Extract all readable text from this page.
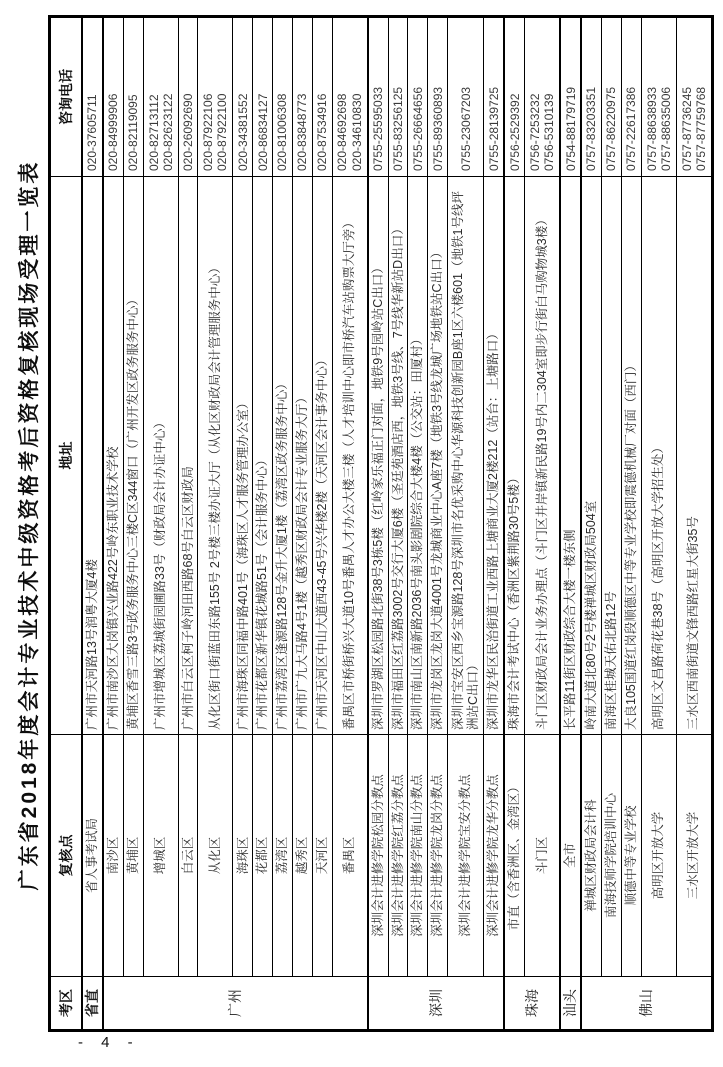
广东省2018年度会计专业技术中级资格考后资格复核现场受理一览表
考区	复核点	地址	咨询电话
省直	省人事考试局	广州市天河路13号润粤大厦4楼	020-37605711

广州	南沙区	广州市南沙区大岗镇兴业路422号岭东职业技术学校	020-84999906

	黄埔区	黄埔区香雪三路3号政务服务中心三楼C区344窗口（广州开发区政务服务中心）	020-82119095

	增城区	广州市增城区荔城街园圃路33号（财政局会计办证中心）	020-82713112 020-82623122

	白云区	广州市白云区柯子岭河田西路68号白云区财政局	020-26092690

	从化区	从化区街口街蓝田东路155号 2号楼三楼办证大厅（从化区财政局会计管理服务中心）	020-87922106 020-87922100

	海珠区	广州市海珠区同福中路401号（海珠区人才服务管理办公室）	020-34381552

	花都区	广州市花都区新华镇花城路51号（会计服务中心）	020-86834127

	荔湾区	广州市荔湾区逢源路128号金升大厦1楼（荔湾区政务服务中心）	020-81006308

	越秀区	广州市广九大马路4号1楼（越秀区财政局会计专业服务大厅）	020-83848773

	天河区	广州市天河区中山大道西43-45号兴华楼2楼（天河区会计事务中心）	020-87534916

	番禺区	番禺区市桥街桥兴大道10号番禺人才办公大楼三楼（人才培训中心即市桥汽车站购票大厅旁）	020-84692698 020-34610830

深圳	深圳会计进修学院松园分教点	深圳市罗湖区松园路北街38号3栋5楼（红岭家乐福正门对面，地铁9号园岭站C出口）	0755-25595033

	深圳会计进修学院红荔分教点	深圳市福田区红荔路3002号交行大厦6楼（圣廷苑酒店西，地铁3号线、7号线华新站D出口）	0755-83256125

	深圳会计进修学院南山分教点	深圳市南山区南新路2036号南头影剧院综合大楼4楼（公交站：田厦村）	0755-26664656

	深圳会计进修学院龙岗分教点	深圳市龙岗区龙岗大道4001号龙城商业中心A座7楼（地铁3号线龙城广场地铁站C出口）	0755-89360893

	深圳会计进修学院宝安分教点	深圳市宝安区西乡宝源路128号深圳市名优采购中心华源科技创新园B座1区六楼601（地铁1号线坪洲站C出口）	0755-23067203

	深圳会计进修学院龙华分教点	深圳市龙华区民治街道工业西路上塘商业大厦2楼212（站台：上塘路口）	0755-28139725

珠海	市直（含香洲区、金湾区）	珠海市会计考试中心（香洲区紫荆路30号5楼）	0756-2529392

	斗门区	斗门区财政局会计业务办理点（斗门区井岸镇新民路19号内二304室即步行街白马购物城3楼）	0756-7253232 0756-5310139

汕头	全市	长平路11街区财政综合大楼一楼东侧	0754-88179719

佛山	禅城区财政局会计科	岭南大道北80号2号楼禅城区财政局504室	0757-83203351

	南海技师学院培训中心	南海区桂城天佑北路12号	0757-86220975

	顺德中等专业学校	大良105国道红岗段顺德区中等专业学校即震德机械厂对面（西门）	0757-22617386

	高明区开放大学	高明区文昌路荷花巷38号（高明区开放大学招生处）	0757-88638933 0757-88635006

	三水区开放大学	三水区西南街道文锋西路红星大街35号	0757-87736245 0757-87759768
- 4 -
